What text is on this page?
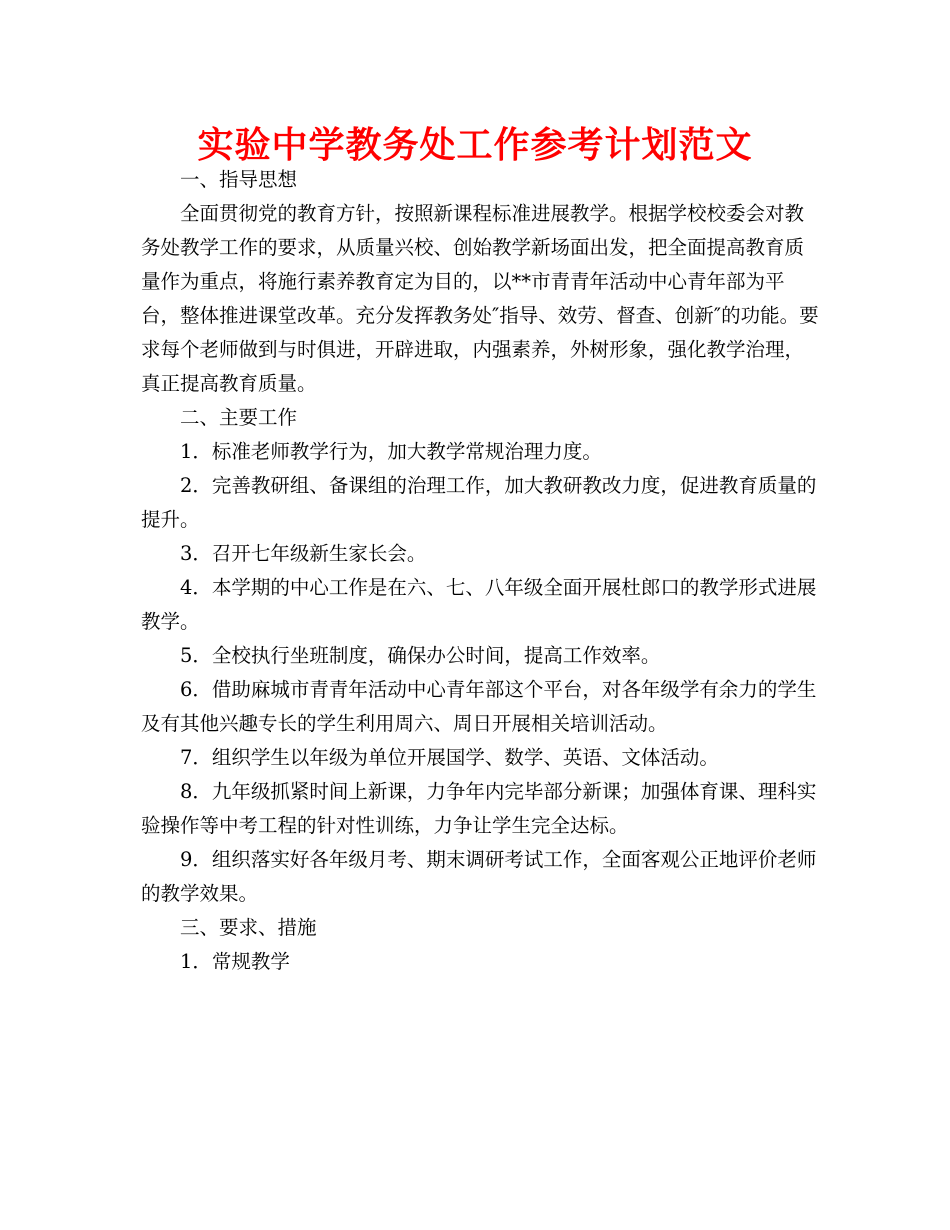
实验中学教务处工作参考计划范文

一、指导思想

全面贯彻党的教育方针，按照新课程标准进展教学。根据学校校委会对教务处教学工作的要求，从质量兴校、创始教学新场面出发，把全面提高教育质量作为重点，将施行素养教育定为目的，以**市青青年活动中心青年部为平台，整体推进课堂改革。充分发挥教务处″指导、效劳、督查、创新″的功能。要求每个老师做到与时俱进，开辟进取，内强素养，外树形象，强化教学治理，真正提高教育质量。

二、主要工作

1．标准老师教学行为，加大教学常规治理力度。

2．完善教研组、备课组的治理工作，加大教研教改力度，促进教育质量的提升。

3．召开七年级新生家长会。

4．本学期的中心工作是在六、七、八年级全面开展杜郎口的教学形式进展教学。

5．全校执行坐班制度，确保办公时间，提高工作效率。

6．借助麻城市青青年活动中心青年部这个平台，对各年级学有余力的学生及有其他兴趣专长的学生利用周六、周日开展相关培训活动。

7．组织学生以年级为单位开展国学、数学、英语、文体活动。

8．九年级抓紧时间上新课，力争年内完毕部分新课；加强体育课、理科实验操作等中考工程的针对性训练，力争让学生完全达标。

9．组织落实好各年级月考、期末调研考试工作，全面客观公正地评价老师的教学效果。

三、要求、措施

1．常规教学
